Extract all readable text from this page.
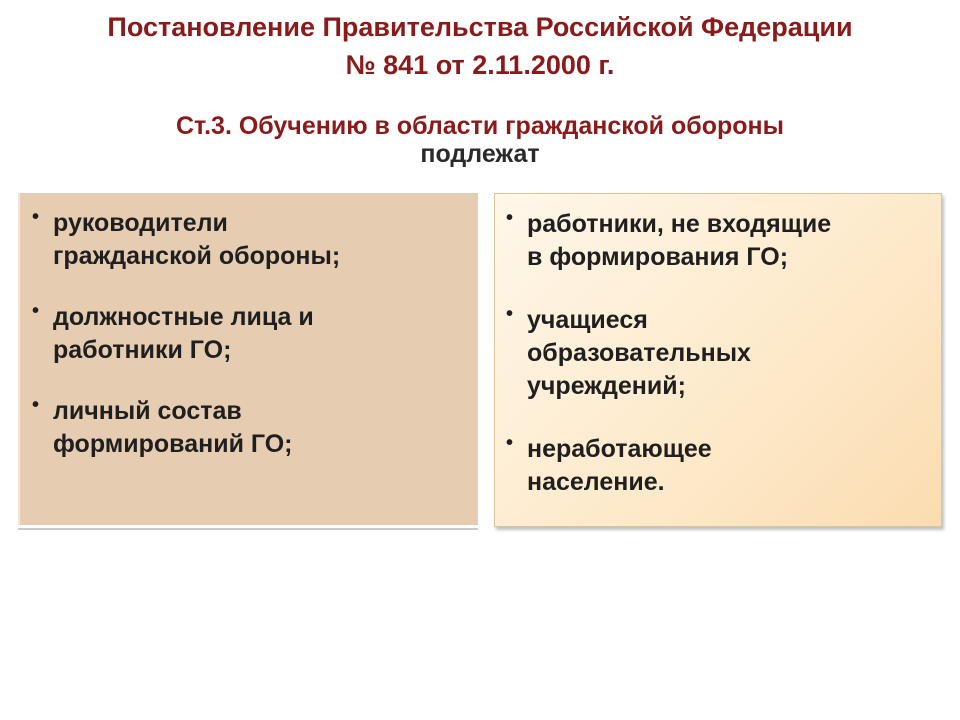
Постановление Правительства Российской Федерации
№ 841 от 2.11.2000 г.
Ст.3. Обучению в области гражданской обороны
подлежат
• руководители
гражданской обороны;
• должностные лица и
работники ГО;
• личный состав
формирований ГО;
• работники, не входящие
в формирования ГО;
• учащиеся
образовательных
учреждений;
• неработающее
население.
